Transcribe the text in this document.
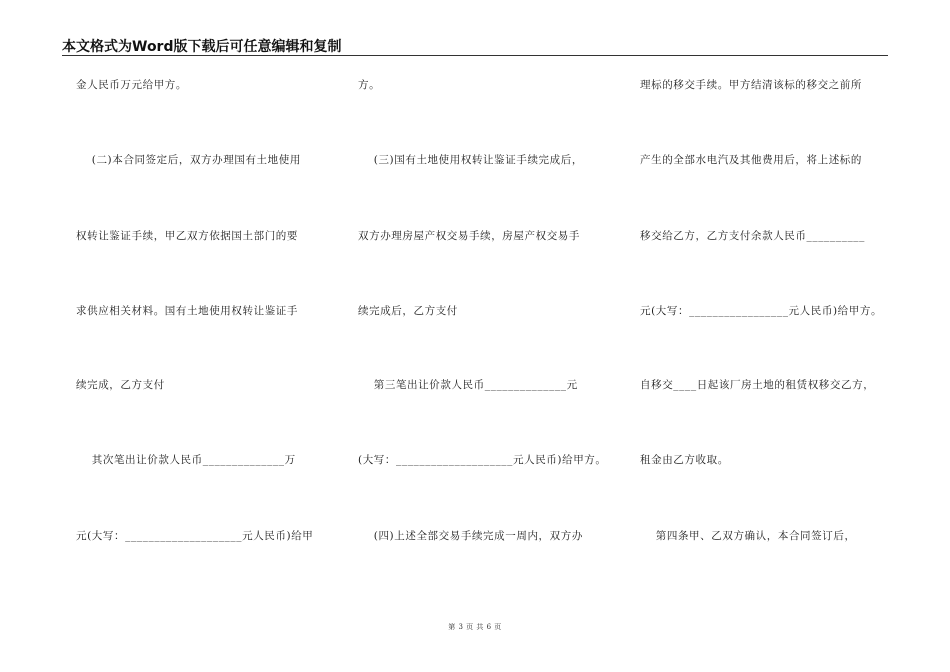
本文格式为Word版下载后可任意编辑和复制
金人民币万元给甲方。
(二)本合同签定后，双方办理国有土地使用
权转让鉴证手续，甲乙双方依据国土部门的要
求供应相关材料。国有土地使用权转让鉴证手
续完成，乙方支付
其次笔出让价款人民币______________万
元(大写：____________________元人民币)给甲
方。
(三)国有土地使用权转让鉴证手续完成后，
双方办理房屋产权交易手续，房屋产权交易手
续完成后，乙方支付
第三笔出让价款人民币______________元
(大写：____________________元人民币)给甲方。
(四)上述全部交易手续完成一周内，双方办
理标的移交手续。甲方结清该标的移交之前所
产生的全部水电汽及其他费用后，将上述标的
移交给乙方，乙方支付余款人民币__________
元(大写：_________________元人民币)给甲方。
自移交____日起该厂房土地的租赁权移交乙方，
租金由乙方收取。
第四条甲、乙双方确认，本合同签订后，
第 3 页 共 6 页
